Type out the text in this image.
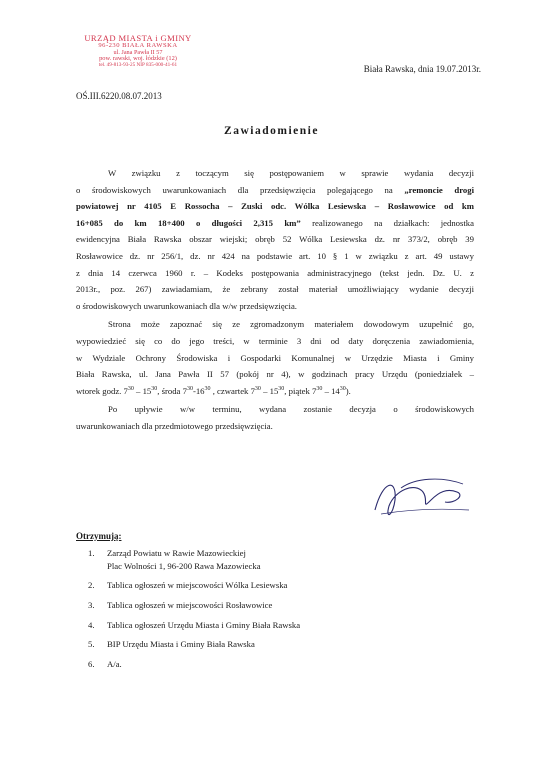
URZĄD MIASTA i GMINY
96-230 BIAŁA RAWSKA
ul. Jana Pawła II 57
pow. rawski, woj. łódzkie (12)
tel. 49-813-93-25 NIP 835-000-41-61
OŚ.III.6220.08.07.2013
Biała Rawska, dnia 19.07.2013r.
Zawiadomienie

W związku z toczącym się postępowaniem w sprawie wydania decyzji
o środowiskowych uwarunkowaniach dla przedsięwzięcia polegającego na „remoncie drogi
powiatowej nr 4105 E Rossocha – Zuski odc. Wólka Lesiewska – Rosławowice od km
16+085 do km 18+400 o długości 2,315 km” realizowanego na działkach: jednostka
ewidencyjna Biała Rawska obszar wiejski; obręb 52 Wólka Lesiewska dz. nr 373/2, obręb 39
Rosławowice dz. nr 256/1, dz. nr 424 na podstawie art. 10 § 1 w związku z art. 49 ustawy
z dnia 14 czerwca 1960 r. – Kodeks postępowania administracyjnego (tekst jedn. Dz. U. z
2013r., poz. 267) zawiadamiam, że zebrany został materiał umożliwiający wydanie decyzji
o środowiskowych uwarunkowaniach dla w/w przedsięwzięcia.

Strona może zapoznać się ze zgromadzonym materiałem dowodowym uzupełnić go,
wypowiedzieć się co do jego treści, w terminie 3 dni od daty doręczenia zawiadomienia,
w Wydziale Ochrony Środowiska i Gospodarki Komunalnej w Urzędzie Miasta i Gminy
Biała Rawska, ul. Jana Pawła II 57 (pokój nr 4), w godzinach pracy Urzędu (poniedziałek –
wtorek godz. $7^{30} - 15^{30}$, środa $7^{30}-16^{30}$ , czwartek $7^{30} - 15^{30}$, piątek $7^{30} - 14^{30}$).

Po upływie w/w terminu, wydana zostanie decyzja o środowiskowych
uwarunkowaniach dla przedmiotowego przedsięwzięcia.

Otrzymują:
1. Zarząd Powiatu w Rawie Mazowieckiej
Plac Wolności 1, 96-200 Rawa Mazowiecka
2. Tablica ogłoszeń w miejscowości Wólka Lesiewska
3. Tablica ogłoszeń w miejscowości Rosławowice
4. Tablica ogłoszeń Urzędu Miasta i Gminy Biała Rawska
5. BIP Urzędu Miasta i Gminy Biała Rawska
6. A/a.
